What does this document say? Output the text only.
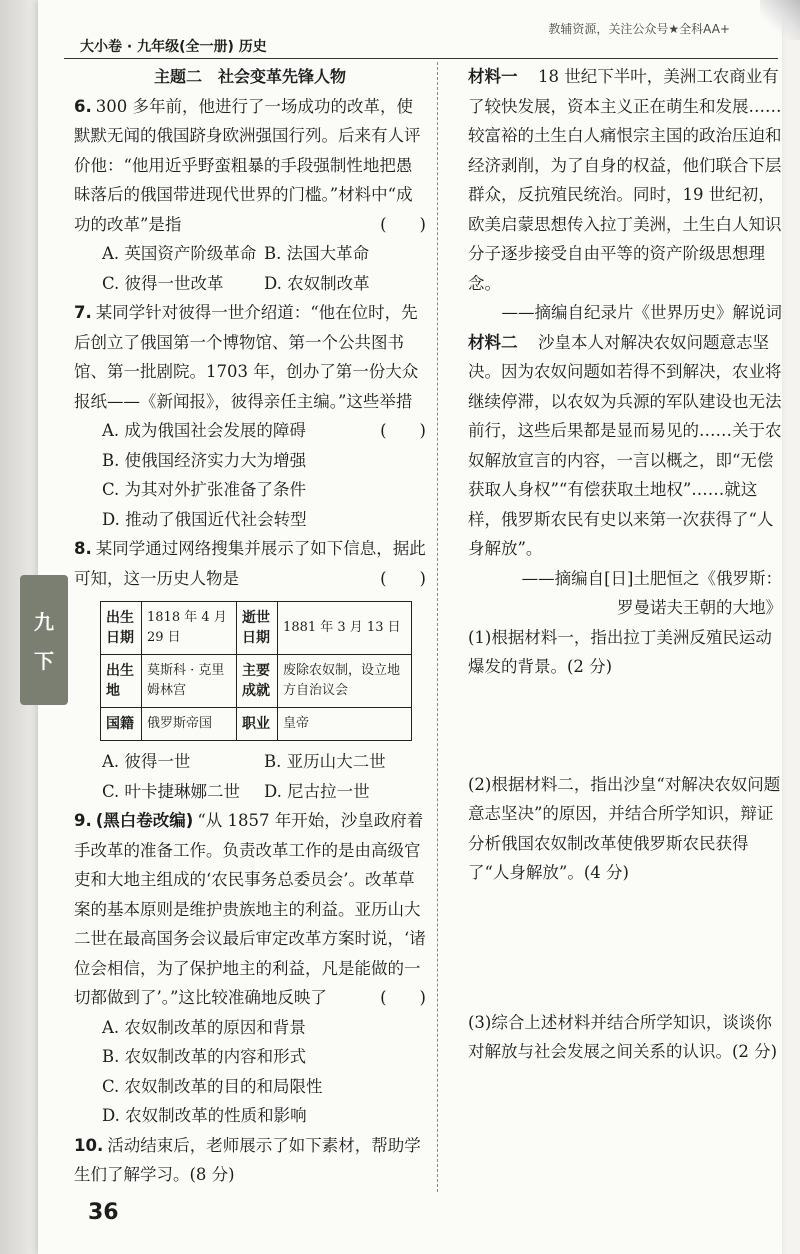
大小卷 · 九年级(全一册) 历史
教辅资源，关注公众号★全科AA+
九
下
主题二　社会变革先锋人物
6. 300 多年前，他进行了一场成功的改革，使默默无闻的俄国跻身欧洲强国行列。后来有人评价他：“他用近乎野蛮粗暴的手段强制性地把愚昧落后的俄国带进现代世界的门槛。”材料中“成功的改革”是指	(　　)
A. 英国资产阶级革命 B. 法国大革命
C. 彼得一世改革	D. 农奴制改革
7. 某同学针对彼得一世介绍道：“他在位时，先后创立了俄国第一个博物馆、第一个公共图书馆、第一批剧院。1703 年，创办了第一份大众报纸——《新闻报》，彼得亲任主编。”这些举措
(　　)
A. 成为俄国社会发展的障碍
B. 使俄国经济实力大为增强
C. 为其对外扩张准备了条件
D. 推动了俄国近代社会转型
8. 某同学通过网络搜集并展示了如下信息，据此可知，这一历史人物是	(　　)
出生日期	1818 年 4 月 29 日	逝世日期	1881 年 3 月 13 日
出生地	莫斯科 · 克里姆林宫	主要成就	废除农奴制，设立地方自治议会
国籍	俄罗斯帝国	职业	皇帝
A. 彼得一世	B. 亚历山大二世
C. 叶卡捷琳娜二世	D. 尼古拉一世
9. (黑白卷改编) “从 1857 年开始，沙皇政府着手改革的准备工作。负责改革工作的是由高级官吏和大地主组成的‘农民事务总委员会’。改革草案的基本原则是维护贵族地主的利益。亚历山大二世在最高国务会议最后审定改革方案时说，‘诸位会相信，为了保护地主的利益，凡是能做的一切都做到了’。”这比较准确地反映了	(　　)
A. 农奴制改革的原因和背景
B. 农奴制改革的内容和形式
C. 农奴制改革的目的和局限性
D. 农奴制改革的性质和影响
10. 活动结束后，老师展示了如下素材，帮助学生们了解学习。(8 分)
材料一　 18 世纪下半叶，美洲工农商业有了较快发展，资本主义正在萌生和发展……较富裕的土生白人痛恨宗主国的政治压迫和经济剥削，为了自身的权益，他们联合下层群众，反抗殖民统治。同时，19 世纪初，欧美启蒙思想传入拉丁美洲，土生白人知识分子逐步接受自由平等的资产阶级思想理念。
——摘编自纪录片《世界历史》解说词
材料二　 沙皇本人对解决农奴问题意志坚决。因为农奴问题如若得不到解决，农业将继续停滞，以农奴为兵源的军队建设也无法前行，这些后果都是显而易见的……关于农奴解放宣言的内容，一言以概之，即“无偿获取人身权”“有偿获取土地权”……就这样，俄罗斯农民有史以来第一次获得了“人身解放”。
——摘编自[日]土肥恒之《俄罗斯：
罗曼诺夫王朝的大地》
(1)根据材料一，指出拉丁美洲反殖民运动爆发的背景。(2 分)
(2)根据材料二，指出沙皇“对解决农奴问题意志坚决”的原因，并结合所学知识，辩证分析俄国农奴制改革使俄罗斯农民获得了“人身解放”。(4 分)
(3)综合上述材料并结合所学知识，谈谈你对解放与社会发展之间关系的认识。(2 分)
36
